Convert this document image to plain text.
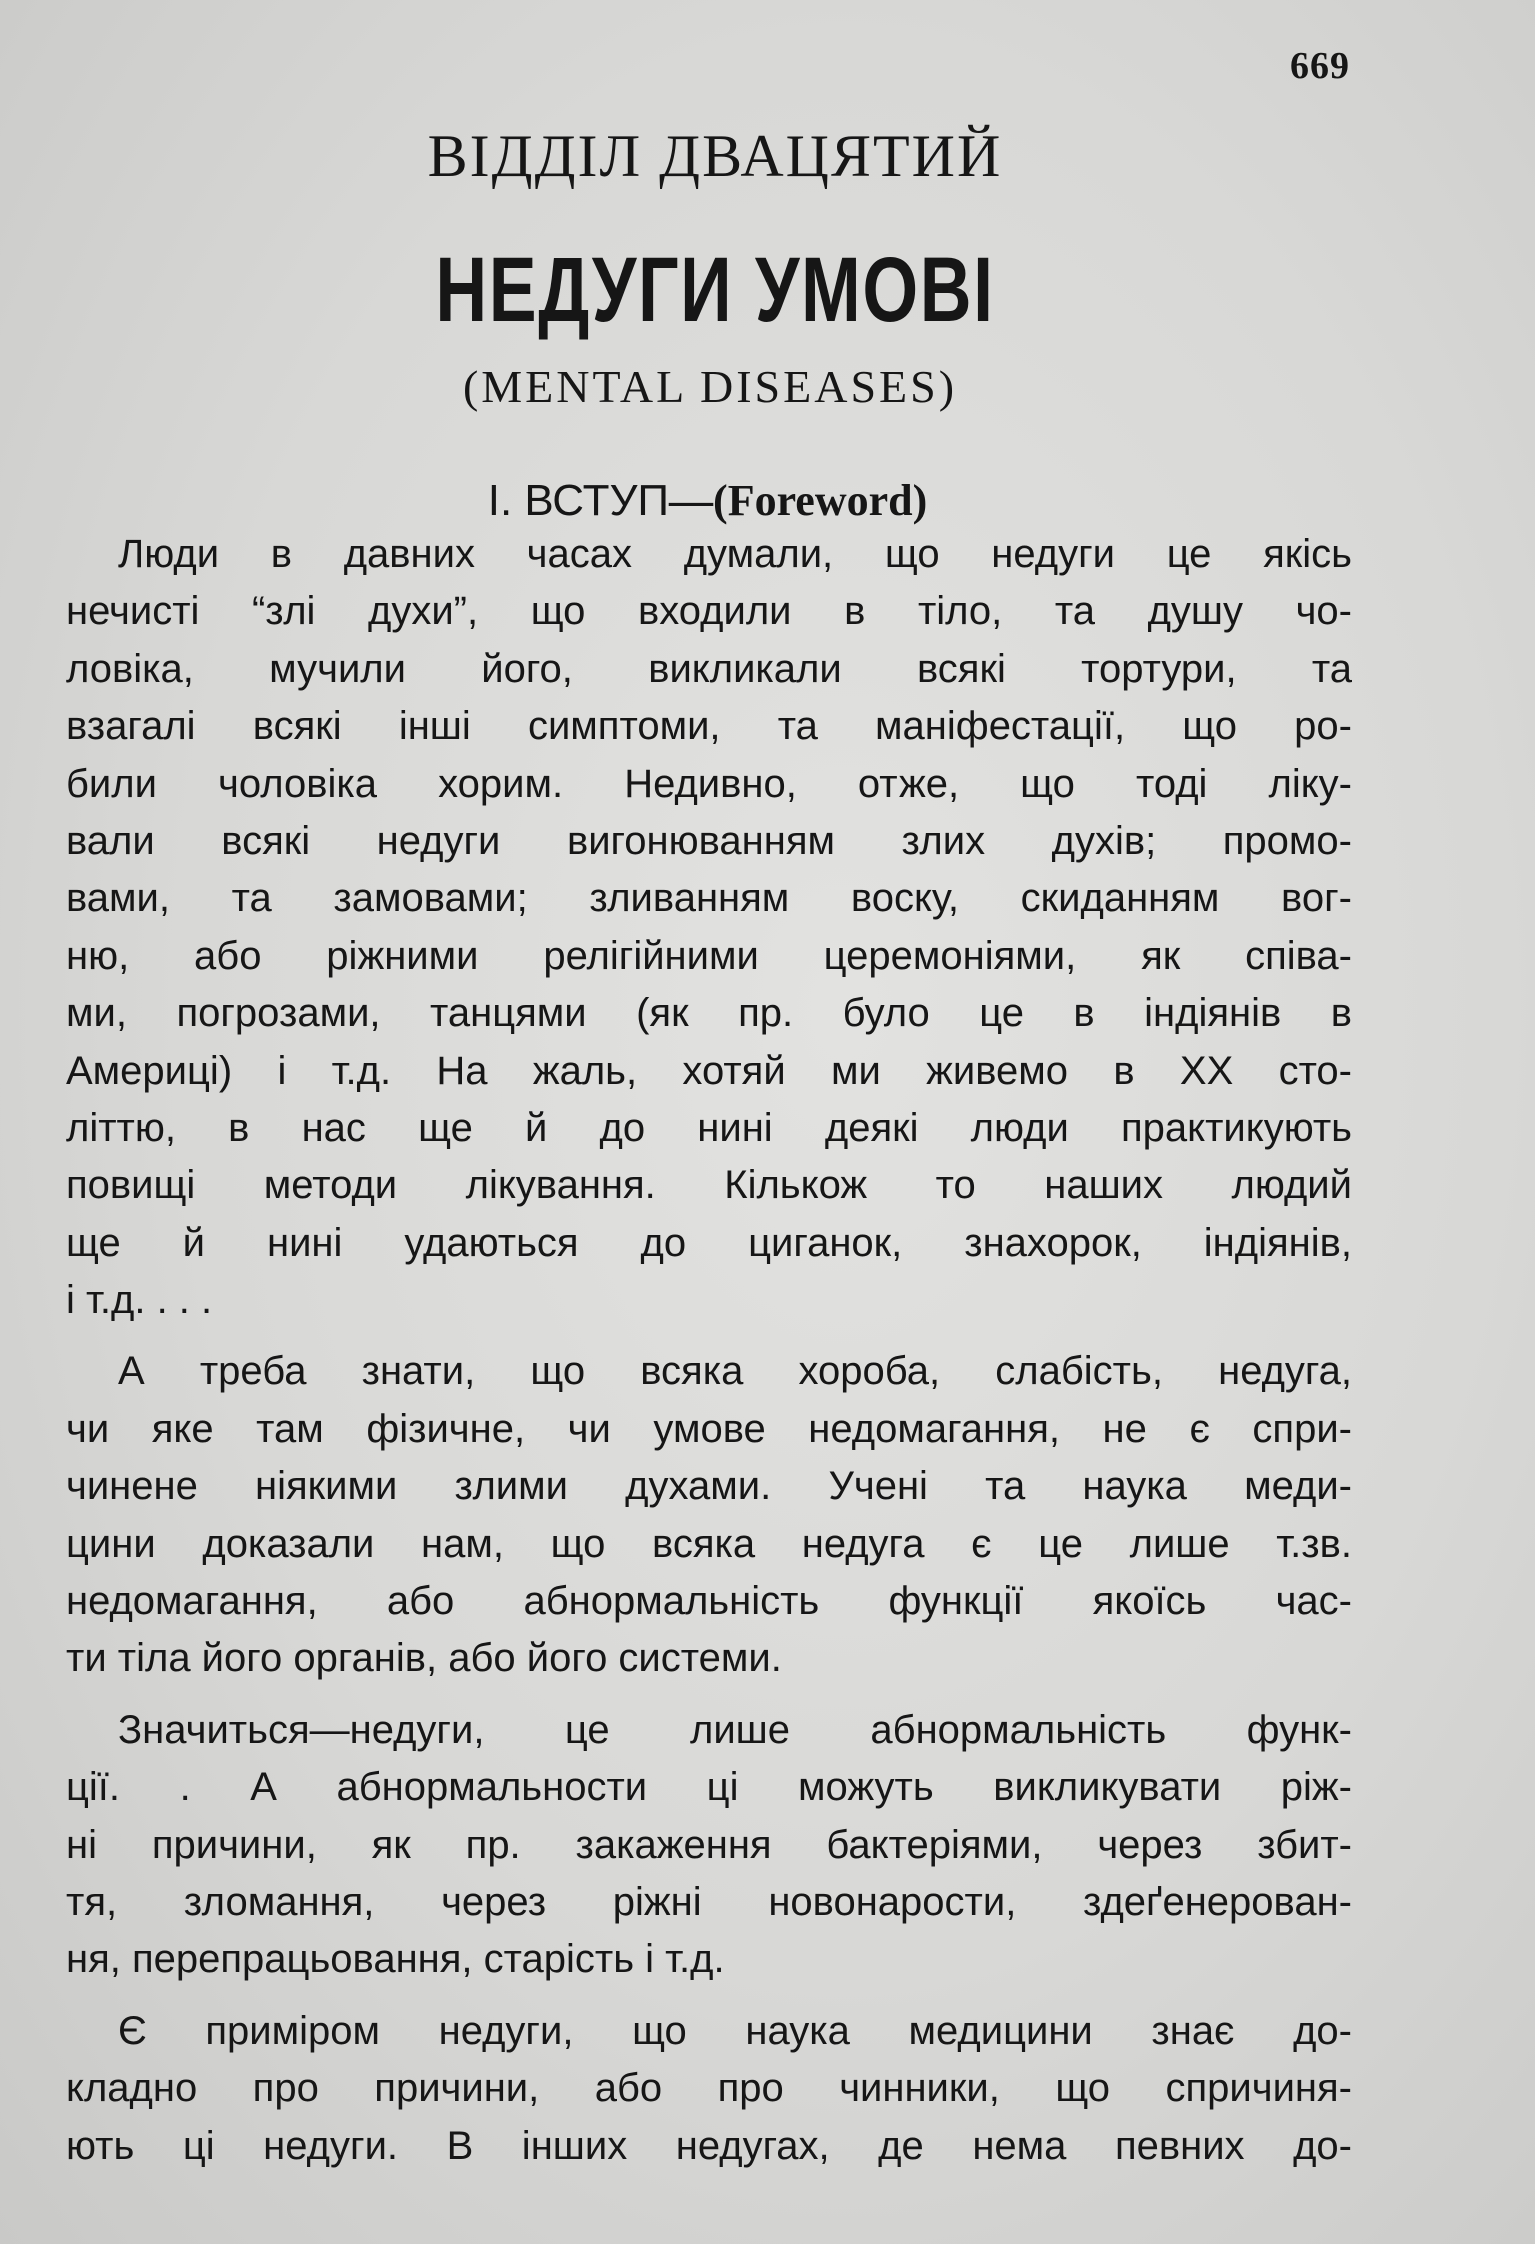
669
ВІДДІЛ ДВАЦЯТИЙ
НЕДУГИ УМОВІ
(MENTAL DISEASES)
І. ВСТУП—(Foreword)
Люди в давних часах думали, що недуги це якісь
нечисті “злі духи”, що входили в тіло, та душу чо-
ловіка, мучили його, викликали всякі тортури, та
взагалі всякі інші симптоми, та манiфестації, що ро-
били чоловіка хорим. Недивно, отже, що тоді ліку-
вали всякі недуги вигонюванням злих духів; промо-
вами, та замовами; зливанням воску, скиданням вог-
ню, або ріжними релігійними церемоніями, як співа-
ми, погрозами, танцями (як пр. було це в індіянів в
Америці) і т.д. На жаль, хотяй ми живемо в XX сто-
літтю, в нас ще й до нині деякі люди практикують
повищі методи лікування. Кількож то наших людий
ще й нині удаються до циганок, знахорок, індіянів,
і т.д. . . .
А треба знати, що всяка хороба, слабість, недуга,
чи яке там фізичне, чи умове недомагання, не є спри-
чинене ніякими злими духами. Учені та наука меди-
цини доказали нам, що всяка недуга є це лише т.зв.
недомагання, або абнормальність функції якоїсь час-
ти тіла його органів, або його системи.
Значиться—недуги, це лише абнормальність функ-
ції. . А абнормальности ці можуть викликувати ріж-
ні причини, як пр. закаження бактеріями, через збит-
тя, зломання, через ріжні новонарости, здеґенерован-
ня, перепрацьовання, старість і т.д.
Є приміром недуги, що наука медицини знає до-
кладно про причини, або про чинники, що спричиня-
ють ці недуги. В інших недугах, де нема певних до-
